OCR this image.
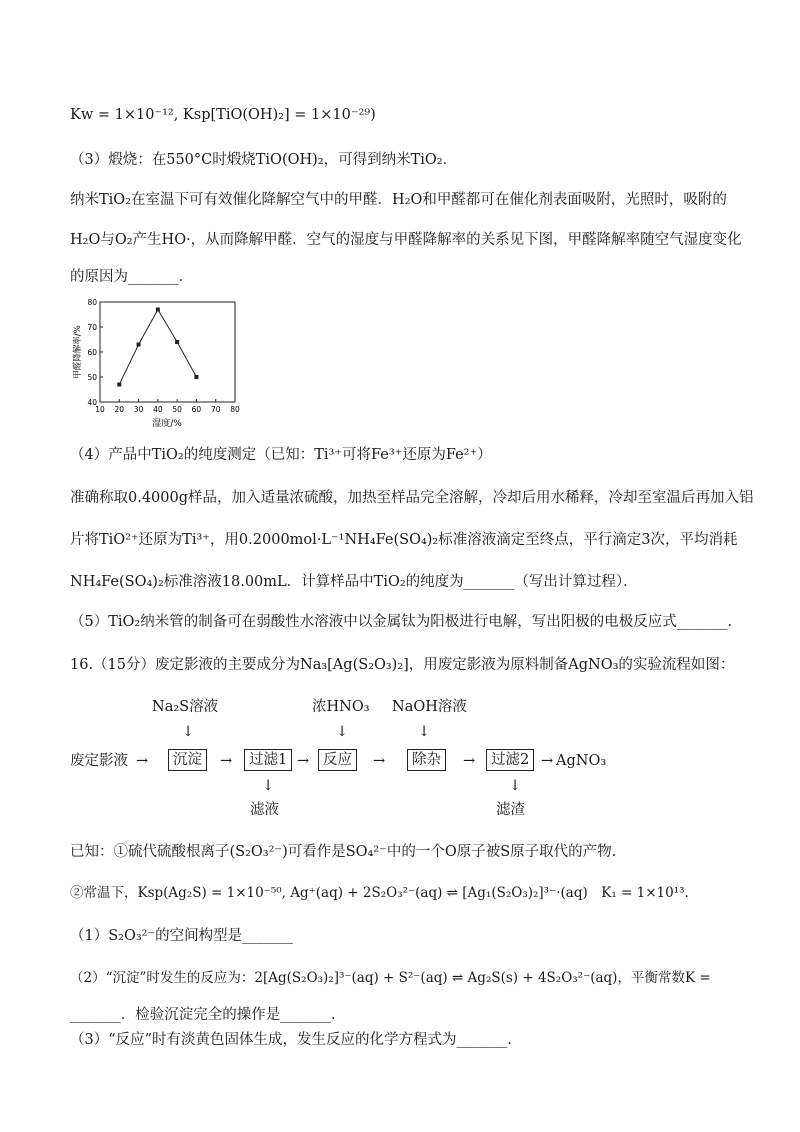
Kw = 1×10⁻¹², Ksp[TiO(OH)₂] = 1×10⁻²⁹)
（3）煅烧：在550°C时煅烧TiO(OH)₂，可得到纳米TiO₂．
纳米TiO₂在室温下可有效催化降解空气中的甲醛．H₂O和甲醛都可在催化剂表面吸附，光照时，吸附的
H₂O与O₂产生HO·，从而降解甲醛．空气的湿度与甲醛降解率的关系见下图，甲醛降解率随空气湿度变化
的原因为_______．
40
50
60
70
80
10 20 30 40 50 60 70 80
甲醛降解率/%
湿度/%
（4）产品中TiO₂的纯度测定（已知：Ti³⁺可将Fe³⁺还原为Fe²⁺）
准确称取0.4000g样品，加入适量浓硫酸，加热至样品完全溶解，冷却后用水稀释，冷却至室温后再加入铝
片将TiO²⁺还原为Ti³⁺，用0.2000mol·L⁻¹NH₄Fe(SO₄)₂标准溶液滴定至终点，平行滴定3次，平均消耗
NH₄Fe(SO₄)₂标准溶液18.00mL．计算样品中TiO₂的纯度为_______（写出计算过程）．
（5）TiO₂纳米管的制备可在弱酸性水溶液中以金属钛为阳极进行电解，写出阳极的电极反应式_______.
16.（15分）废定影液的主要成分为Na₃[Ag(S₂O₃)₂]，用废定影液为原料制备AgNO₃的实验流程如图：
Na₂S溶液	浓HNO₃ NaOH溶液
↓	↓	↓
废定影液 →	沉淀	→	过滤1 → 反应	→	除杂	→	过滤2 → AgNO₃
↓	↓
滤液	滤渣
已知：①硫代硫酸根离子(S₂O₃²⁻)可看作是SO₄²⁻中的一个O原子被S原子取代的产物.
②常温下，Ksp(Ag₂S) = 1×10⁻⁵⁰, Ag⁺(aq) + 2S₂O₃²⁻(aq) ⇌ [Ag₁(S₂O₃)₂]³⁻·(aq)　K₁ = 1×10¹³.
（1）S₂O₃²⁻的空间构型是_______
（2）“沉淀”时发生的反应为：2[Ag(S₂O₃)₂]³⁻(aq) + S²⁻(aq) ⇌ Ag₂S(s) + 4S₂O₃²⁻(aq)，平衡常数K =
_______．检验沉淀完全的操作是_______.
（3）“反应”时有淡黄色固体生成，发生反应的化学方程式为_______.
